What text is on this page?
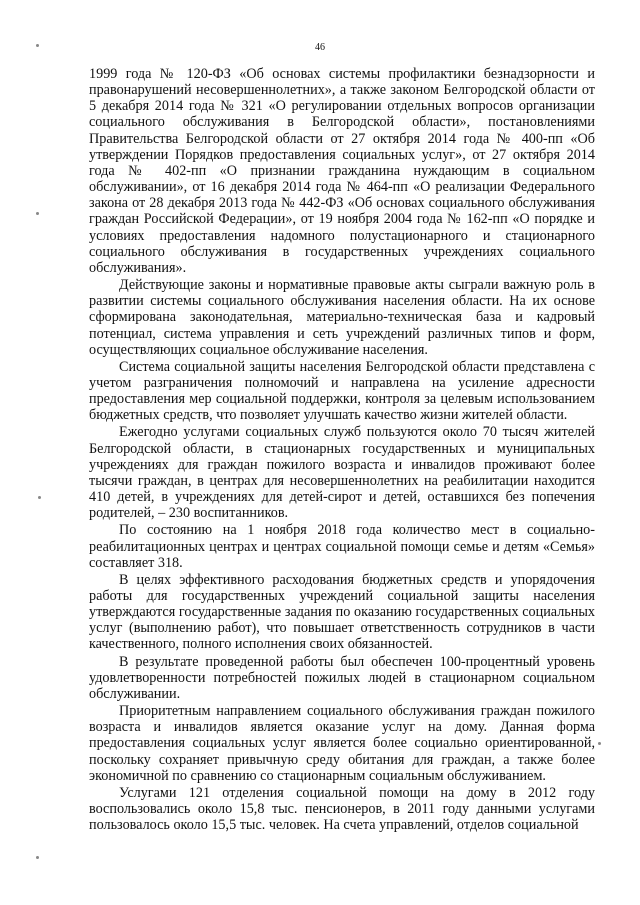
46

1999 года № 120-ФЗ «Об основах системы профилактики безнадзорности и правонарушений несовершеннолетних», а также законом Белгородской области от 5 декабря 2014 года № 321 «О регулировании отдельных вопросов организации социального обслуживания в Белгородской области», постановлениями Правительства Белгородской области от 27 октября 2014 года № 400-пп «Об утверждении Порядков предоставления социальных услуг», от 27 октября 2014 года № 402-пп «О признании гражданина нуждающим в социальном обслуживании», от 16 декабря 2014 года № 464-пп «О реализации Федерального закона от 28 декабря 2013 года № 442-ФЗ «Об основах социального обслуживания граждан Российской Федерации», от 19 ноября 2004 года № 162-пп «О порядке и условиях предоставления надомного полустационарного и стационарного социального обслуживания в государственных учреждениях социального обслуживания».

Действующие законы и нормативные правовые акты сыграли важную роль в развитии системы социального обслуживания населения области. На их основе сформирована законодательная, материально-техническая база и кадровый потенциал, система управления и сеть учреждений различных типов и форм, осуществляющих социальное обслуживание населения.

Система социальной защиты населения Белгородской области представлена с учетом разграничения полномочий и направлена на усиление адресности предоставления мер социальной поддержки, контроля за целевым использованием бюджетных средств, что позволяет улучшать качество жизни жителей области.

Ежегодно услугами социальных служб пользуются около 70 тысяч жителей Белгородской области, в стационарных государственных и муниципальных учреждениях для граждан пожилого возраста и инвалидов проживают более тысячи граждан, в центрах для несовершеннолетних на реабилитации находится 410 детей, в учреждениях для детей-сирот и детей, оставшихся без попечения родителей, – 230 воспитанников.

По состоянию на 1 ноября 2018 года количество мест в социально-реабилитационных центрах и центрах социальной помощи семье и детям «Семья» составляет 318.

В целях эффективного расходования бюджетных средств и упорядочения работы для государственных учреждений социальной защиты населения утверждаются государственные задания по оказанию государственных социальных услуг (выполнению работ), что повышает ответственность сотрудников в части качественного, полного исполнения своих обязанностей.

В результате проведенной работы был обеспечен 100-процентный уровень удовлетворенности потребностей пожилых людей в стационарном социальном обслуживании.

Приоритетным направлением социального обслуживания граждан пожилого возраста и инвалидов является оказание услуг на дому. Данная форма предоставления социальных услуг является более социально ориентированной, поскольку сохраняет привычную среду обитания для граждан, а также более экономичной по сравнению со стационарным социальным обслуживанием.

Услугами 121 отделения социальной помощи на дому в 2012 году воспользовались около 15,8 тыс. пенсионеров, в 2011 году данными услугами пользовалось около 15,5 тыс. человек. На счета управлений, отделов социальной
